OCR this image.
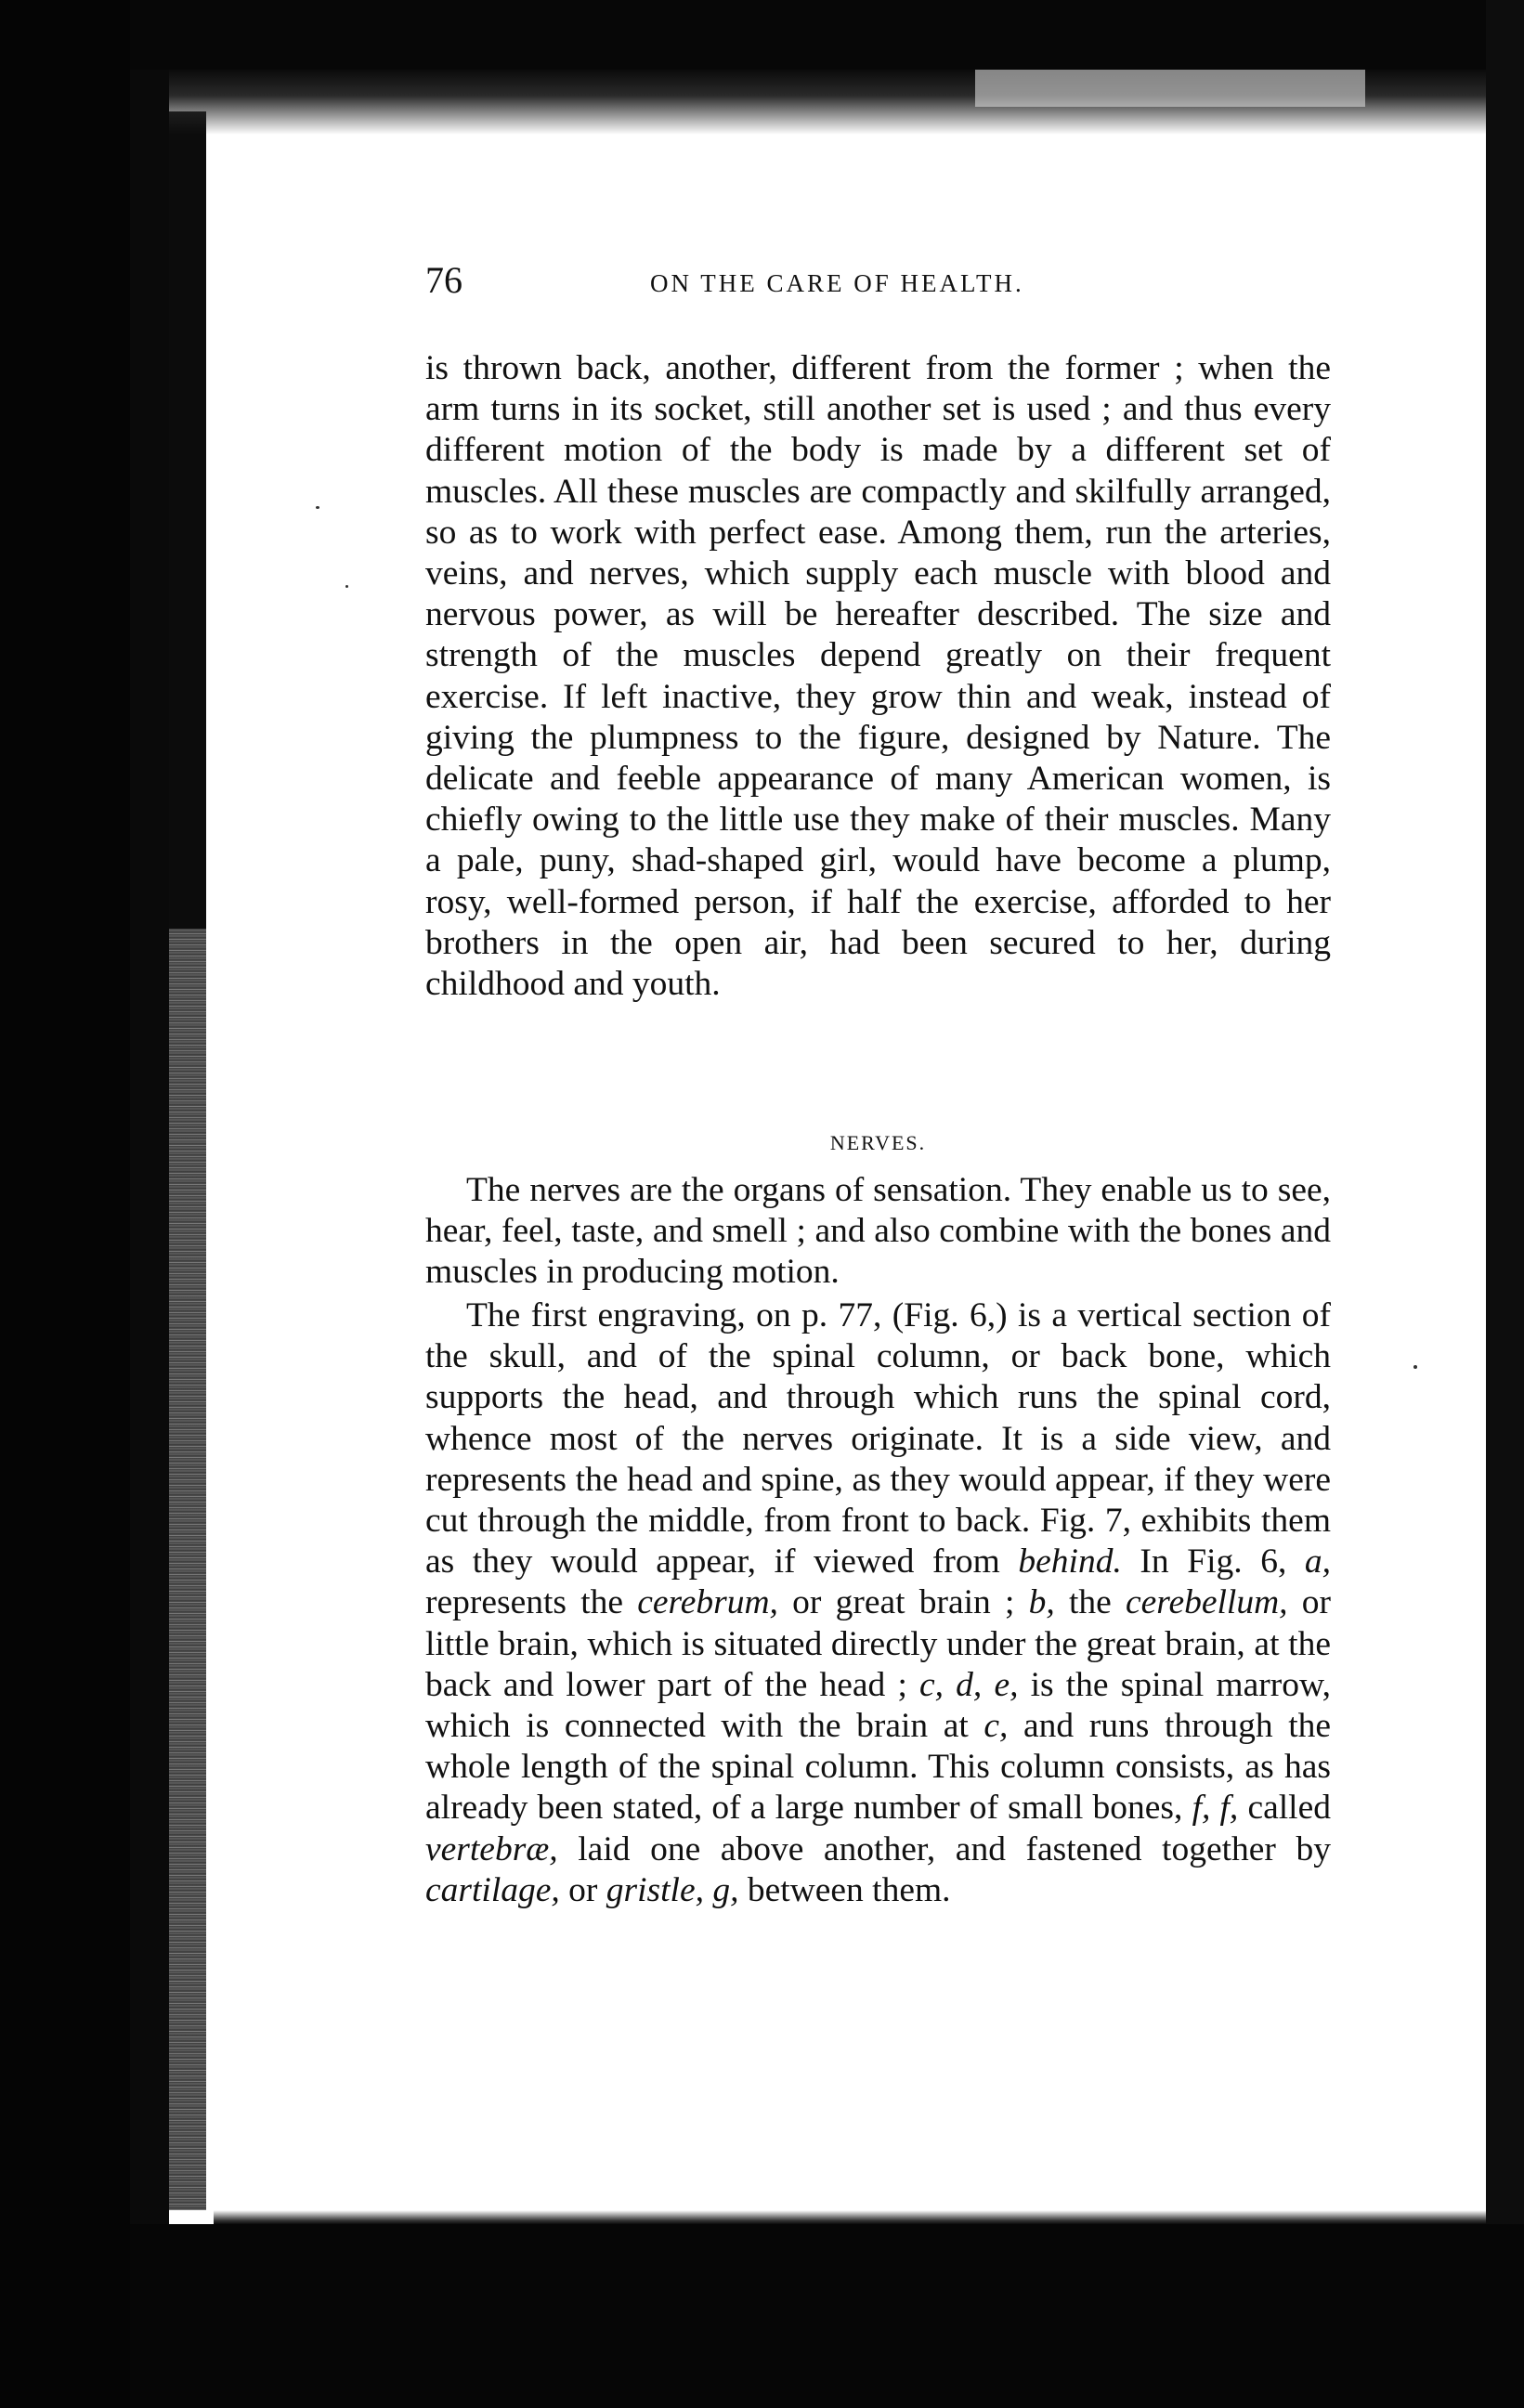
76	ON THE CARE OF HEALTH.

is thrown back, another, different from the former ; when the arm turns in its socket, still another set is used ; and thus every different motion of the body is made by a different set of muscles. All these muscles are compactly and skilfully arranged, so as to work with perfect ease. Among them, run the arteries, veins, and nerves, which supply each muscle with blood and nervous power, as will be hereafter described. The size and strength of the muscles depend greatly on their frequent exercise. If left inactive, they grow thin and weak, instead of giving the plumpness to the figure, designed by Nature. The delicate and feeble appearance of many American women, is chiefly owing to the little use they make of their muscles. Many a pale, puny, shad-shaped girl, would have become a plump, rosy, well-formed person, if half the exercise, afforded to her brothers in the open air, had been secured to her, during childhood and youth.

NERVES.

The nerves are the organs of sensation. They enable us to see, hear, feel, taste, and smell ; and also combine with the bones and muscles in producing motion.

The first engraving, on p. 77, (Fig. 6,) is a vertical section of the skull, and of the spinal column, or back bone, which supports the head, and through which runs the spinal cord, whence most of the nerves originate. It is a side view, and represents the head and spine, as they would appear, if they were cut through the middle, from front to back. Fig. 7, exhibits them as they would appear, if viewed from behind. In Fig. 6, a, represents the cerebrum, or great brain ; b, the cerebellum, or little brain, which is situated directly under the great brain, at the back and lower part of the head ; c, d, e, is the spinal marrow, which is connected with the brain at c, and runs through the whole length of the spinal column. This column consists, as has already been stated, of a large number of small bones, f, f, called vertebræ, laid one above another, and fastened together by cartilage, or gristle, g, between them.
